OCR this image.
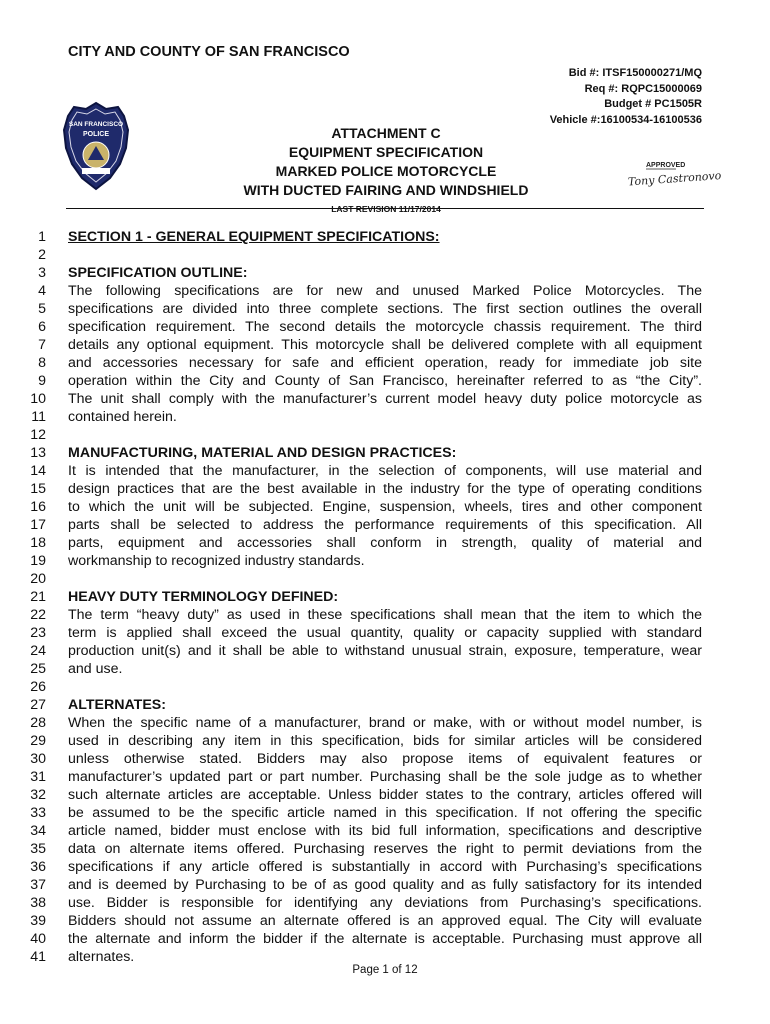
CITY AND COUNTY OF SAN FRANCISCO
Bid #: ITSF150000271/MQ
Req #: RQPC15000069
Budget # PC1505R
Vehicle #:16100534-16100536
SAN FRANCISCO
POLICE	ATTACHMENT C
EQUIPMENT SPECIFICATION
MARKED POLICE MOTORCYCLE
WITH DUCTED FAIRING AND WINDSHIELD
LAST REVISION 11/17/2014
APPROVED
Tony Castronovo
1 SECTION 1 - GENERAL EQUIPMENT SPECIFICATIONS:
2
3 SPECIFICATION OUTLINE:
4 The following specifications are for new and unused Marked Police Motorcycles. The
5 specifications are divided into three complete sections. The first section outlines the overall
6 specification requirement. The second details the motorcycle chassis requirement. The third
7 details any optional equipment. This motorcycle shall be delivered complete with all equipment
8 and accessories necessary for safe and efficient operation, ready for immediate job site
9 operation within the City and County of San Francisco, hereinafter referred to as “the City”.
10 The unit shall comply with the manufacturer’s current model heavy duty police motorcycle as
11 contained herein.
12
13 MANUFACTURING, MATERIAL AND DESIGN PRACTICES:
14 It is intended that the manufacturer, in the selection of components, will use material and
15 design practices that are the best available in the industry for the type of operating conditions
16 to which the unit will be subjected. Engine, suspension, wheels, tires and other component
17 parts shall be selected to address the performance requirements of this specification. All
18 parts, equipment and accessories shall conform in strength, quality of material and
19 workmanship to recognized industry standards.
20
21 HEAVY DUTY TERMINOLOGY DEFINED:
22 The term “heavy duty” as used in these specifications shall mean that the item to which the
23 term is applied shall exceed the usual quantity, quality or capacity supplied with standard
24 production unit(s) and it shall be able to withstand unusual strain, exposure, temperature, wear
25 and use.
26
27 ALTERNATES:
28 When the specific name of a manufacturer, brand or make, with or without model number, is
29 used in describing any item in this specification, bids for similar articles will be considered
30 unless otherwise stated. Bidders may also propose items of equivalent features or
31 manufacturer’s updated part or part number. Purchasing shall be the sole judge as to whether
32 such alternate articles are acceptable. Unless bidder states to the contrary, articles offered will
33 be assumed to be the specific article named in this specification. If not offering the specific
34 article named, bidder must enclose with its bid full information, specifications and descriptive
35 data on alternate items offered. Purchasing reserves the right to permit deviations from the
36 specifications if any article offered is substantially in accord with Purchasing’s specifications
37 and is deemed by Purchasing to be of as good quality and as fully satisfactory for its intended
38 use. Bidder is responsible for identifying any deviations from Purchasing’s specifications.
39 Bidders should not assume an alternate offered is an approved equal. The City will evaluate
40 the alternate and inform the bidder if the alternate is acceptable. Purchasing must approve all
41 alternates.
Page 1 of 12
